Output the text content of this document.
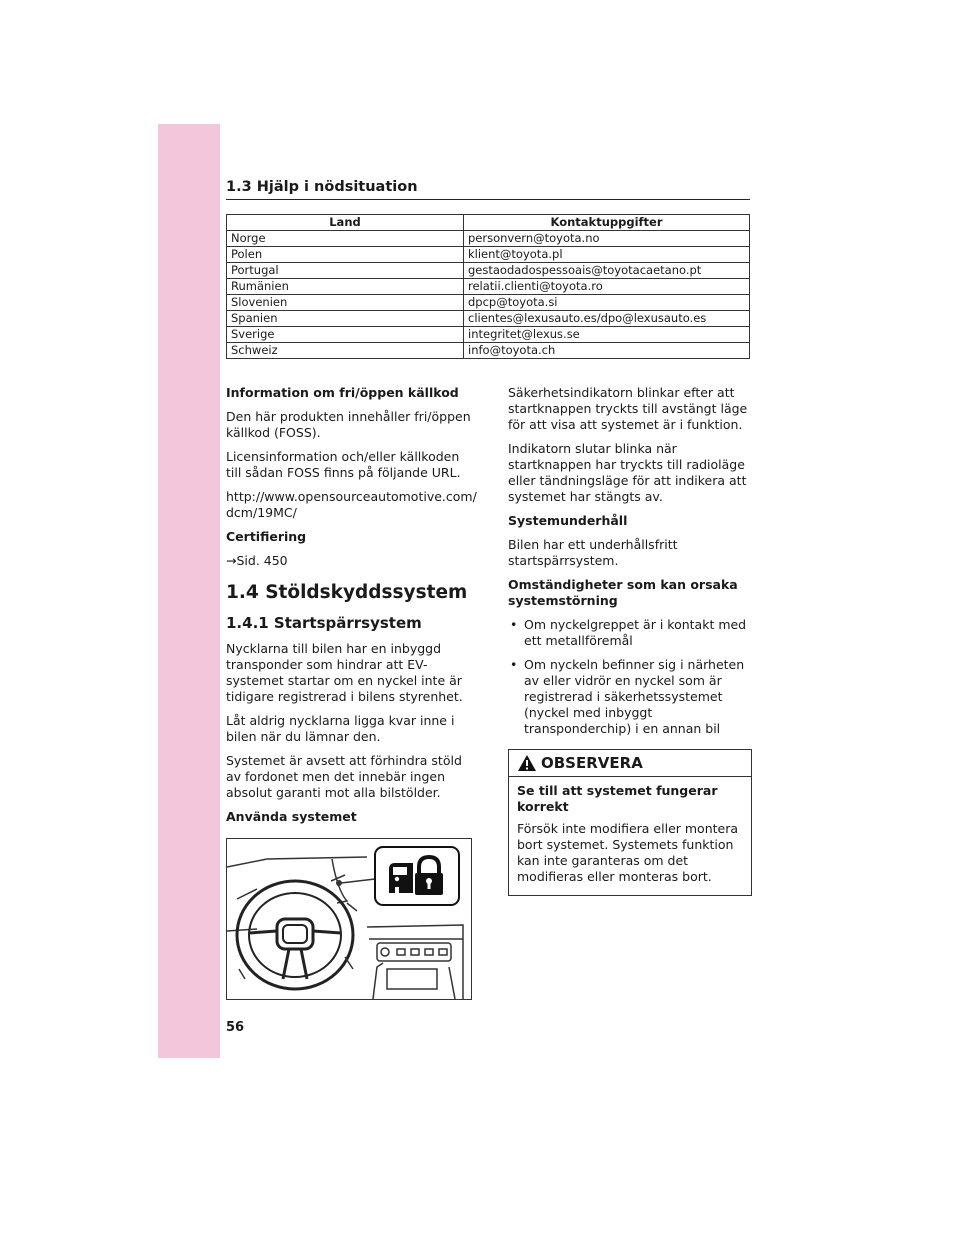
1.3 Hjälp i nödsituation
Land	Kontaktuppgifter
Norge	personvern@toyota.no
Polen	klient@toyota.pl
Portugal	gestaodadospessoais@toyotacaetano.pt
Rumänien	relatii.clienti@toyota.ro
Slovenien	dpcp@toyota.si
Spanien	clientes@lexusauto.es/dpo@lexusauto.es
Sverige	integritet@lexus.se
Schweiz	info@toyota.ch

Information om fri/öppen källkod

Den här produkten innehåller fri/öppen källkod (FOSS).

Licensinformation och/eller källkoden till sådan FOSS finns på följande URL.

http://www.opensourceautomotive.com/ dcm/19MC/

Certifiering

→Sid. 450

1.4 Stöldskyddssystem
1.4.1 Startspärrsystem

Nycklarna till bilen har en inbyggd transponder som hindrar att EV-systemet startar om en nyckel inte är tidigare registrerad i bilens styrenhet.

Låt aldrig nycklarna ligga kvar inne i bilen när du lämnar den.

Systemet är avsett att förhindra stöld av fordonet men det innebär ingen absolut garanti mot alla bilstölder.

Använda systemet

Säkerhetsindikatorn blinkar efter att startknappen tryckts till avstängt läge för att visa att systemet är i funktion.

Indikatorn slutar blinka när startknappen har tryckts till radioläge eller tändningsläge för att indikera att systemet har stängts av.

Systemunderhåll

Bilen har ett underhållsfritt startspärrsystem.

Omständigheter som kan orsaka systemstörning

• Om nyckelgreppet är i kontakt med ett metallföremål
• Om nyckeln befinner sig i närheten av eller vidrör en nyckel som är registrerad i säkerhetssystemet (nyckel med inbyggt transponderchip) i en annan bil
OBSERVERA

Se till att systemet fungerar korrekt

Försök inte modifiera eller montera bort systemet. Systemets funktion kan inte garanteras om det modifieras eller monteras bort.

56
